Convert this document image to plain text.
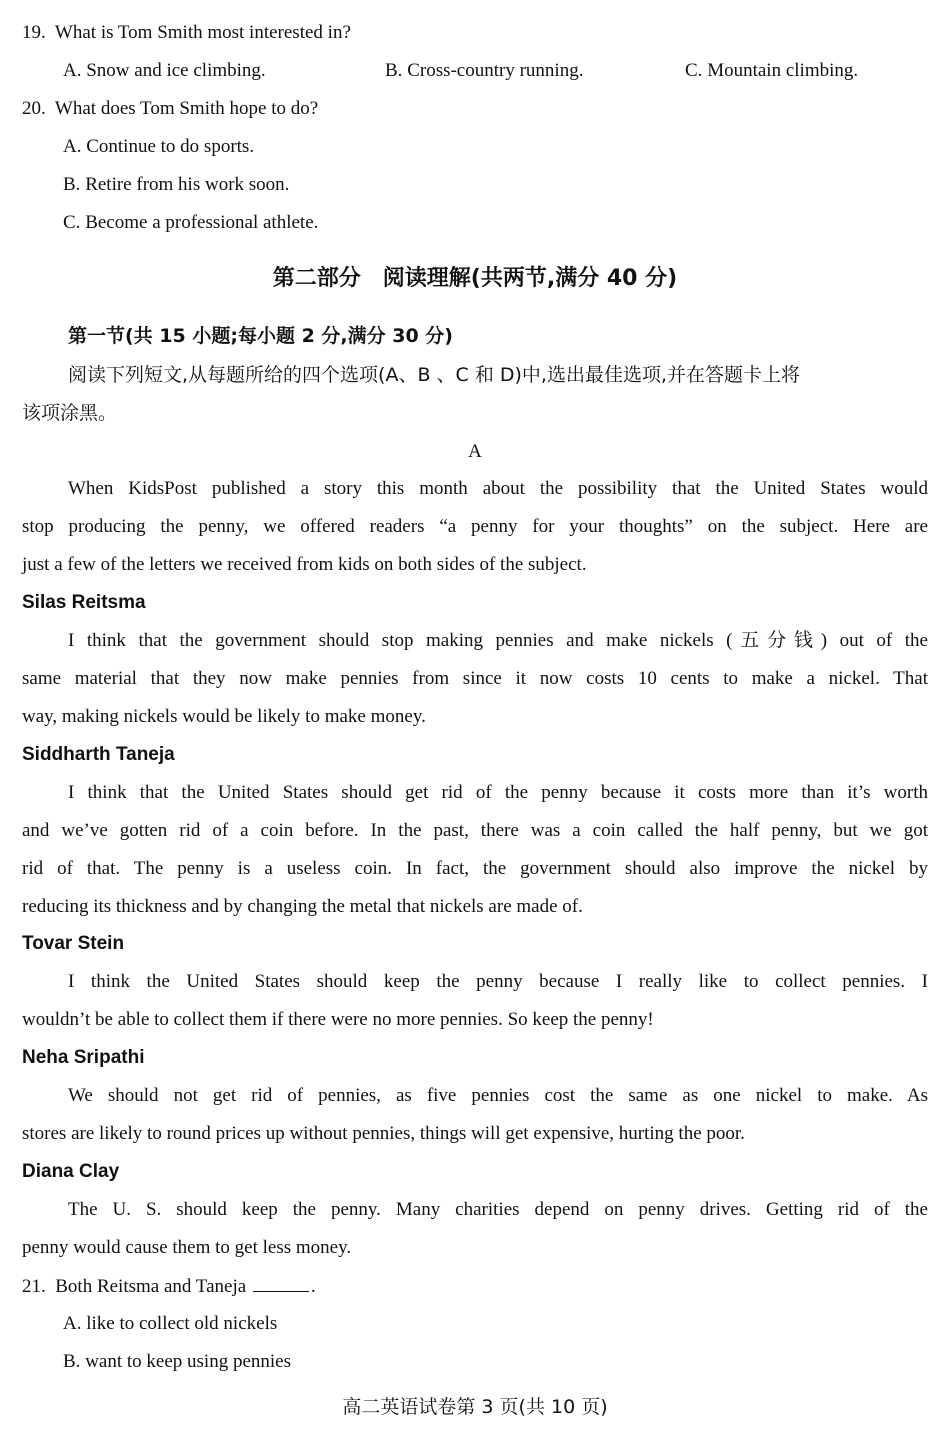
19. What is Tom Smith most interested in?
A. Snow and ice climbing.	B. Cross-country running.	C. Mountain climbing.
20. What does Tom Smith hope to do?
A. Continue to do sports.
B. Retire from his work soon.
C. Become a professional athlete.
第二部分　阅读理解(共两节,满分 40 分)
第一节(共 15 小题;每小题 2 分,满分 30 分)
阅读下列短文,从每题所给的四个选项(A、B 、C 和 D)中,选出最佳选项,并在答题卡上将
该项涂黑。
A
When KidsPost published a story this month about the possibility that the United States would
stop producing the penny, we offered readers “a penny for your thoughts” on the subject. Here are
just a few of the letters we received from kids on both sides of the subject.
Silas Reitsma
I think that the government should stop making pennies and make nickels (五分钱) out of the
same material that they now make pennies from since it now costs 10 cents to make a nickel. That
way, making nickels would be likely to make money.
Siddharth Taneja
I think that the United States should get rid of the penny because it costs more than it’s worth
and we’ve gotten rid of a coin before. In the past, there was a coin called the half penny, but we got
rid of that. The penny is a useless coin. In fact, the government should also improve the nickel by
reducing its thickness and by changing the metal that nickels are made of.
Tovar Stein
I think the United States should keep the penny because I really like to collect pennies. I
wouldn’t be able to collect them if there were no more pennies. So keep the penny!
Neha Sripathi
We should not get rid of pennies, as five pennies cost the same as one nickel to make. As
stores are likely to round prices up without pennies, things will get expensive, hurting the poor.
Diana Clay
The U. S. should keep the penny. Many charities depend on penny drives. Getting rid of the
penny would cause them to get less money.
21. Both Reitsma and Taneja	.
A. like to collect old nickels
B. want to keep using pennies
高二英语试卷第 3 页(共 10 页)
